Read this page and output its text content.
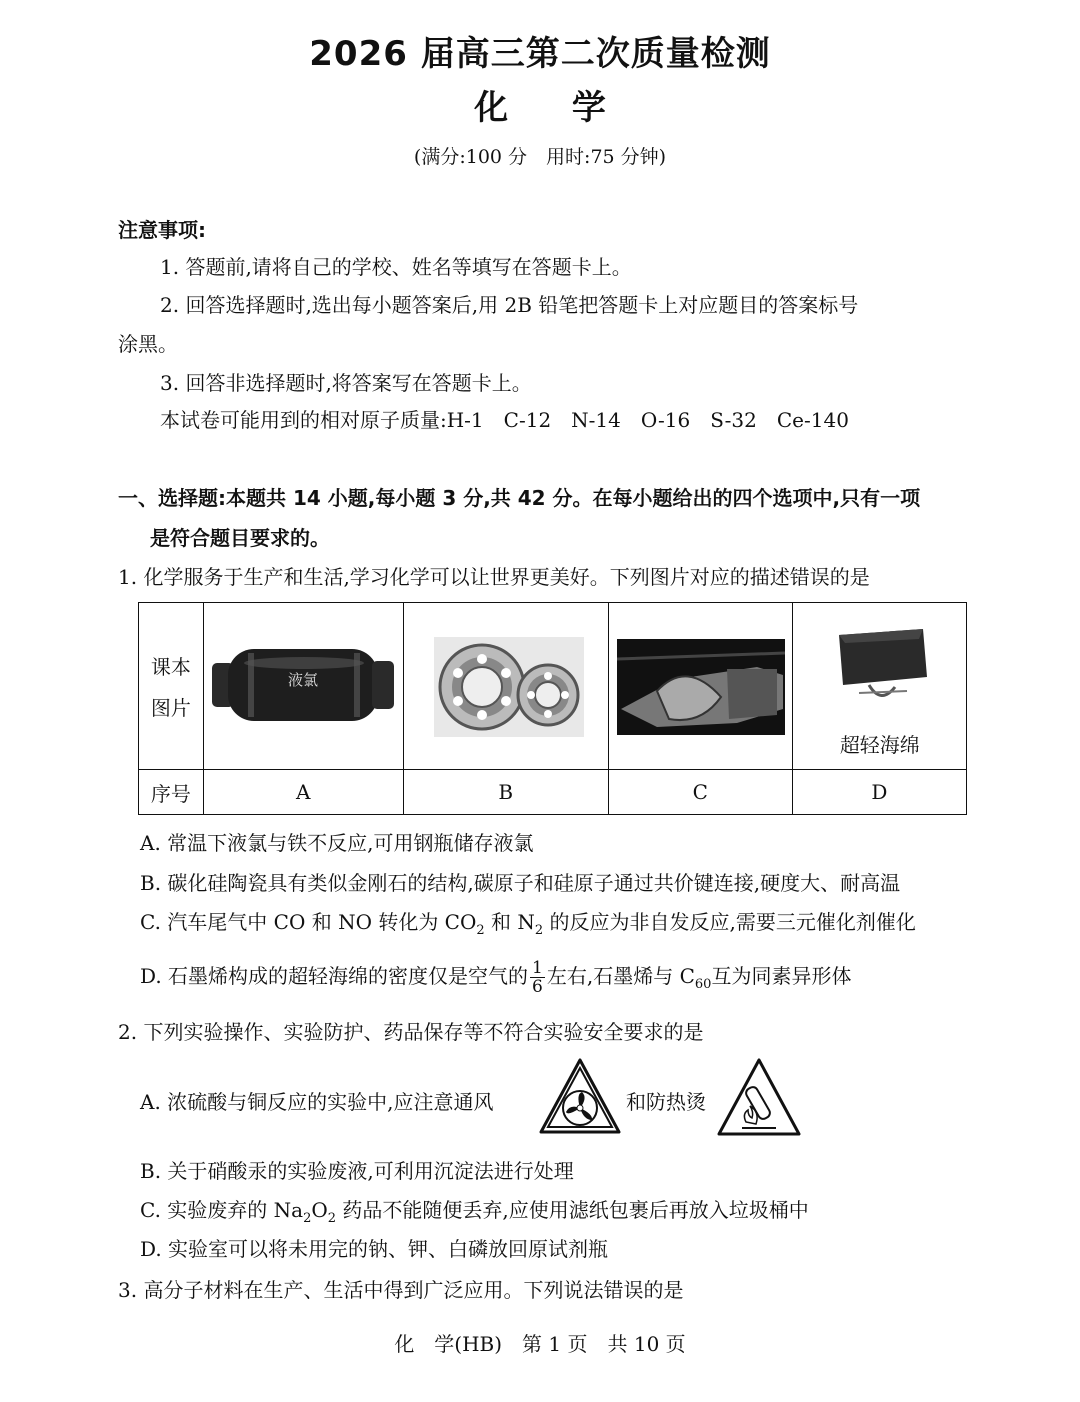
2026 届高三第二次质量检测
化 学
(满分:100 分　用时:75 分钟)
注意事项:
1. 答题前,请将自己的学校、姓名等填写在答题卡上。
2. 回答选择题时,选出每小题答案后,用 2B 铅笔把答题卡上对应题目的答案标号
涂黑。
3. 回答非选择题时,将答案写在答题卡上。
本试卷可能用到的相对原子质量:H-1　C-12　N-14　O-16　S-32　Ce-140
一、选择题:本题共 14 小题,每小题 3 分,共 42 分。在每小题给出的四个选项中,只有一项
是符合题目要求的。
1. 化学服务于生产和生活,学习化学可以让世界更美好。下列图片对应的描述错误的是
课本
图片	液氯			超轻海绵

序号	A	B	C	D
A. 常温下液氯与铁不反应,可用钢瓶储存液氯
B. 碳化硅陶瓷具有类似金刚石的结构,碳原子和硅原子通过共价键连接,硬度大、耐高温
C. 汽车尾气中 CO 和 NO 转化为 $CO_2$ 和 $N_2$ 的反应为非自发反应,需要三元催化剂催化
D. 石墨烯构成的超轻海绵的密度仅是空气的 $\frac{1}{6}$ 左右,石墨烯与 $C_{60}$互为同素异形体
2. 下列实验操作、实验防护、药品保存等不符合实验安全要求的是
A. 浓硫酸与铜反应的实验中,应注意通风	和防热烫
B. 关于硝酸汞的实验废液,可利用沉淀法进行处理
C. 实验废弃的 $Na_2O_2$ 药品不能随便丢弃,应使用滤纸包裹后再放入垃圾桶中
D. 实验室可以将未用完的钠、钾、白磷放回原试剂瓶
3. 高分子材料在生产、生活中得到广泛应用。下列说法错误的是
化　学(HB)　第 1 页　共 10 页
